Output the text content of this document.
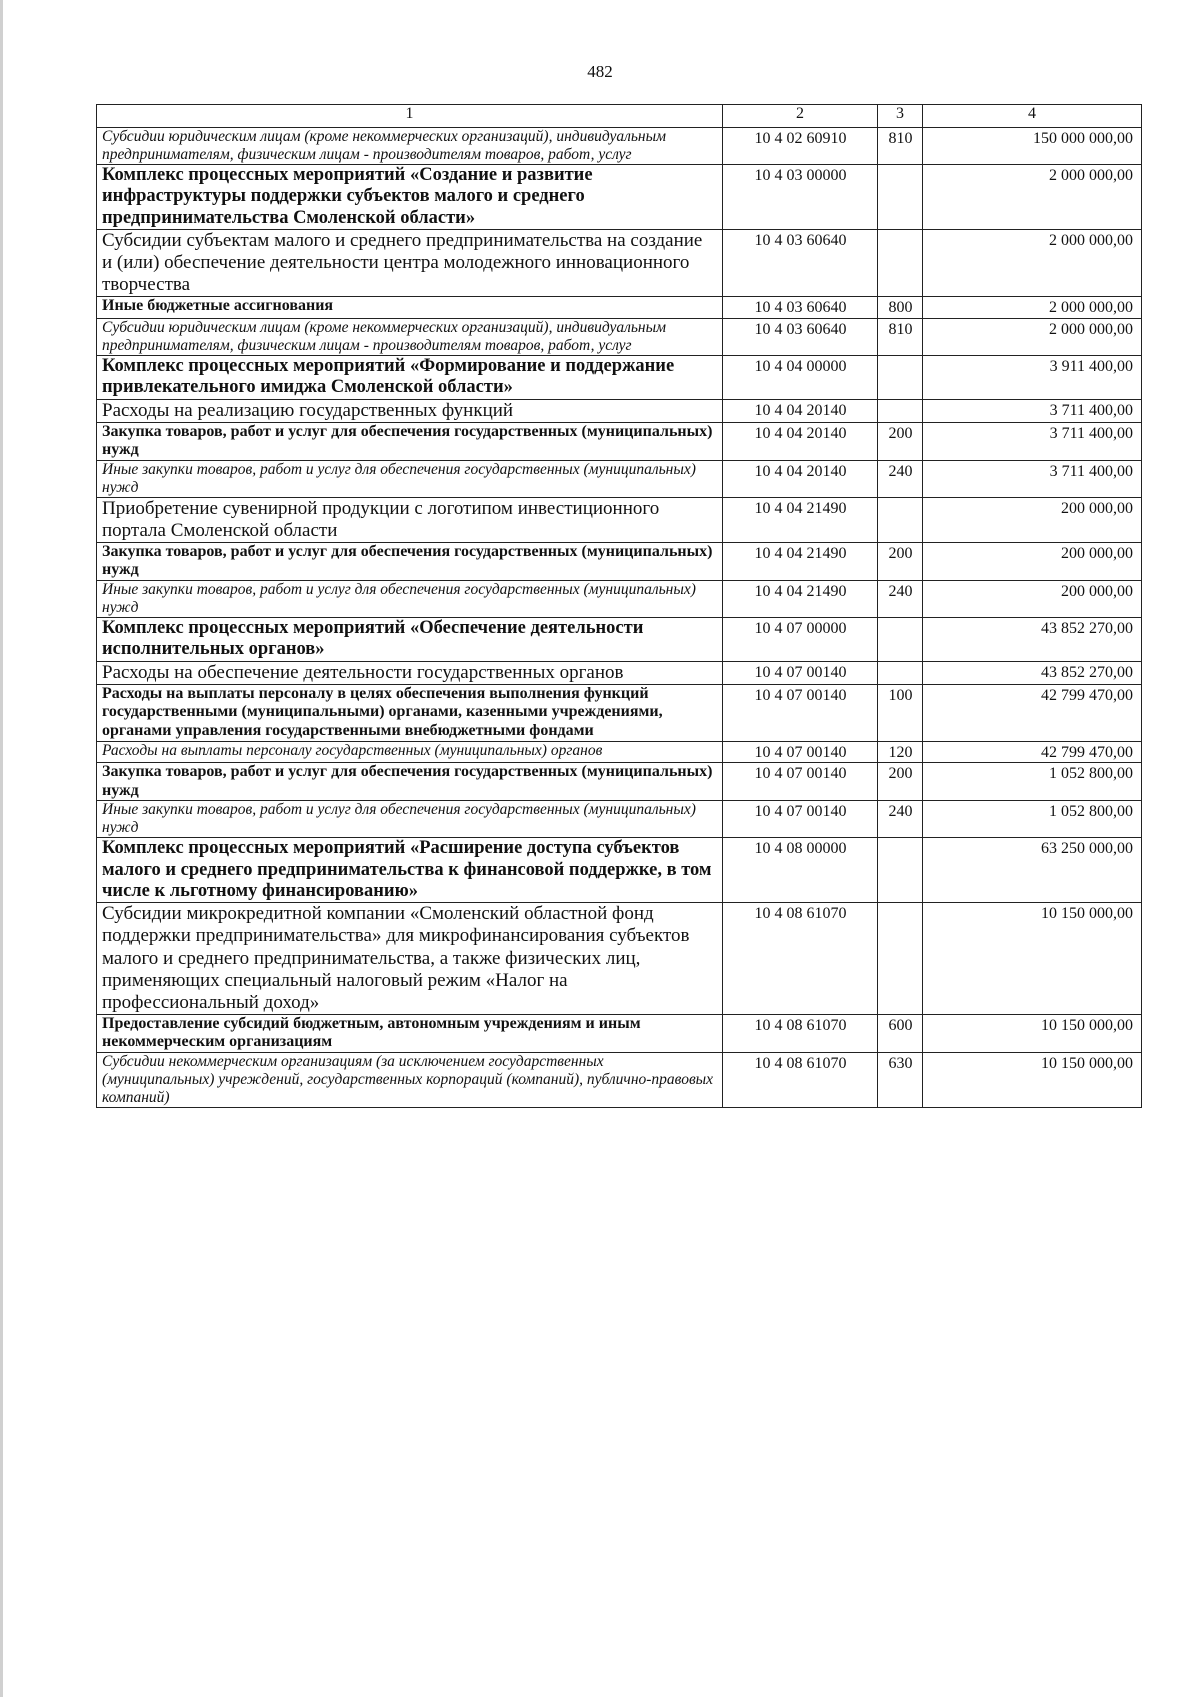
482
1	2	3	4
Субсидии юридическим лицам (кроме некоммерческих организаций), индивидуальным предпринимателям, физическим лицам - производителям товаров, работ, услуг	10 4 02 60910	810	150 000 000,00
Комплекс процессных мероприятий «Создание и развитие инфраструктуры поддержки субъектов малого и среднего предпринимательства Смоленской области»	10 4 03 00000		2 000 000,00
Субсидии субъектам малого и среднего предпринимательства на создание и (или) обеспечение деятельности центра молодежного инновационного творчества	10 4 03 60640		2 000 000,00
Иные бюджетные ассигнования	10 4 03 60640	800	2 000 000,00
Субсидии юридическим лицам (кроме некоммерческих организаций), индивидуальным предпринимателям, физическим лицам - производителям товаров, работ, услуг	10 4 03 60640	810	2 000 000,00
Комплекс процессных мероприятий «Формирование и поддержание привлекательного имиджа Смоленской области»	10 4 04 00000		3 911 400,00
Расходы на реализацию государственных функций	10 4 04 20140		3 711 400,00
Закупка товаров, работ и услуг для обеспечения государственных (муниципальных) нужд	10 4 04 20140	200	3 711 400,00
Иные закупки товаров, работ и услуг для обеспечения государственных (муниципальных) нужд	10 4 04 20140	240	3 711 400,00
Приобретение сувенирной продукции с логотипом инвестиционного портала Смоленской области	10 4 04 21490		200 000,00
Закупка товаров, работ и услуг для обеспечения государственных (муниципальных) нужд	10 4 04 21490	200	200 000,00
Иные закупки товаров, работ и услуг для обеспечения государственных (муниципальных) нужд	10 4 04 21490	240	200 000,00
Комплекс процессных мероприятий «Обеспечение деятельности исполнительных органов»	10 4 07 00000		43 852 270,00
Расходы на обеспечение деятельности государственных органов	10 4 07 00140		43 852 270,00
Расходы на выплаты персоналу в целях обеспечения выполнения функций государственными (муниципальными) органами, казенными учреждениями, органами управления государственными внебюджетными фондами	10 4 07 00140	100	42 799 470,00
Расходы на выплаты персоналу государственных (муниципальных) органов	10 4 07 00140	120	42 799 470,00
Закупка товаров, работ и услуг для обеспечения государственных (муниципальных) нужд	10 4 07 00140	200	1 052 800,00
Иные закупки товаров, работ и услуг для обеспечения государственных (муниципальных) нужд	10 4 07 00140	240	1 052 800,00
Комплекс процессных мероприятий «Расширение доступа субъектов малого и среднего предпринимательства к финансовой поддержке, в том числе к льготному финансированию»	10 4 08 00000		63 250 000,00
Субсидии микрокредитной компании «Смоленский областной фонд поддержки предпринимательства» для микрофинансирования субъектов малого и среднего предпринимательства, а также физических лиц, применяющих специальный налоговый режим «Налог на профессиональный доход»	10 4 08 61070		10 150 000,00
Предоставление субсидий бюджетным, автономным учреждениям и иным некоммерческим организациям	10 4 08 61070	600	10 150 000,00
Субсидии некоммерческим организациям (за исключением государственных (муниципальных) учреждений, государственных корпораций (компаний), публично-правовых компаний)	10 4 08 61070	630	10 150 000,00
